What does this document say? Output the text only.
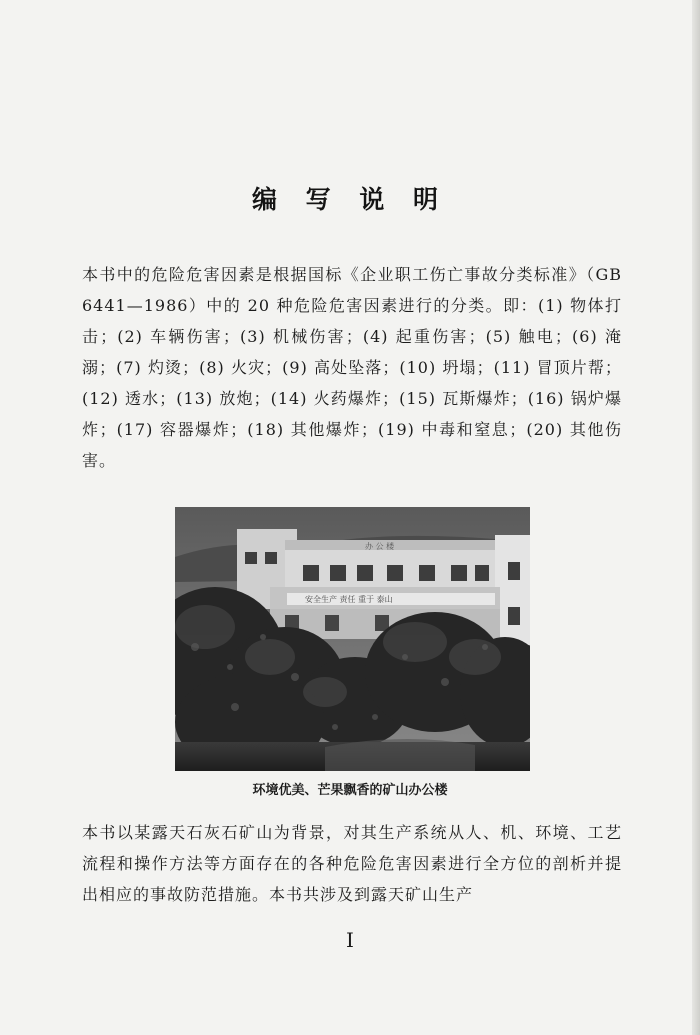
编 写 说 明

本书中的危险危害因素是根据国标《企业职工伤亡事故分类标准》（GB 6441—1986）中的 20 种危险危害因素进行的分类。即：(1) 物体打击；(2) 车辆伤害；(3) 机械伤害；(4) 起重伤害；(5) 触电；(6) 淹溺；(7) 灼烫；(8) 火灾；(9) 高处坠落；(10) 坍塌；(11) 冒顶片帮；(12) 透水；(13) 放炮；(14) 火药爆炸；(15) 瓦斯爆炸；(16) 锅炉爆炸；(17) 容器爆炸；(18) 其他爆炸；(19) 中毒和窒息；(20) 其他伤害。

办 公 楼
安全生产 责任 重于 泰山
环境优美、芒果飘香的矿山办公楼

本书以某露天石灰石矿山为背景，对其生产系统从人、机、环境、工艺流程和操作方法等方面存在的各种危险危害因素进行全方位的剖析并提出相应的事故防范措施。本书共涉及到露天矿山生产

I
